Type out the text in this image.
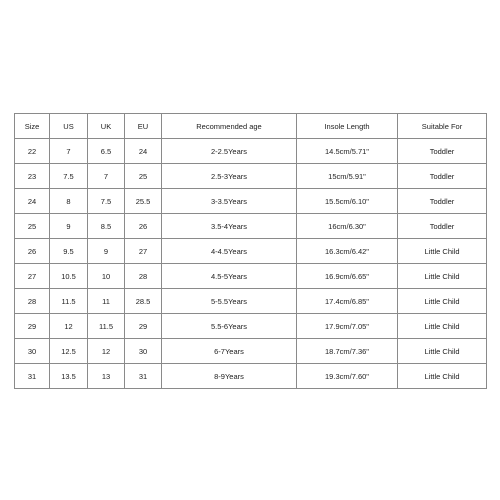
Size	US	UK	EU	Recommended age	Insole Length	Suitable For
22	7	6.5	24	2-2.5Years	14.5cm/5.71"	Toddler
23	7.5	7	25	2.5-3Years	15cm/5.91"	Toddler
24	8	7.5	25.5	3-3.5Years	15.5cm/6.10"	Toddler
25	9	8.5	26	3.5-4Years	16cm/6.30"	Toddler
26	9.5	9	27	4-4.5Years	16.3cm/6.42"	Little Child
27	10.5	10	28	4.5-5Years	16.9cm/6.65"	Little Child
28	11.5	11	28.5	5-5.5Years	17.4cm/6.85"	Little Child
29	12	11.5	29	5.5-6Years	17.9cm/7.05"	Little Child
30	12.5	12	30	6-7Years	18.7cm/7.36"	Little Child
31	13.5	13	31	8-9Years	19.3cm/7.60"	Little Child
